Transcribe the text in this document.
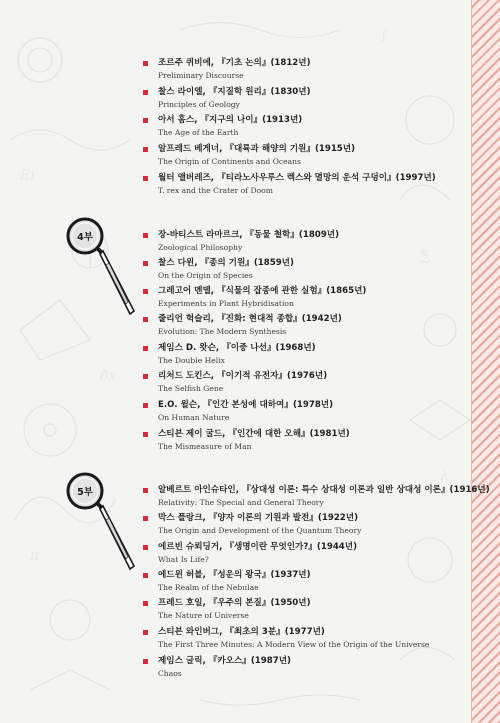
Ei
ðx
∑
π
λ
∫
조르주 퀴비에, 『기초 논의』(1812년)
Preliminary Discourse
찰스 라이엘, 『지질학 원리』(1830년)
Principles of Geology
아서 홈스, 『지구의 나이』(1913년)
The Age of the Earth
알프레드 베게너, 『대륙과 해양의 기원』(1915년)
The Origin of Continents and Oceans
월터 앨버레즈, 『티라노사우루스 렉스와 멸망의 운석 구덩이』(1997년)
T. rex and the Crater of Doom
4부	장-바티스트 라마르크, 『동물 철학』(1809년)
Zoological Philosophy
찰스 다윈, 『종의 기원』(1859년)
On the Origin of Species
그레고어 멘델, 『식물의 잡종에 관한 실험』(1865년)
Experiments in Plant Hybridisation
줄리언 헉슬리, 『진화: 현대적 종합』(1942년)
Evolution: The Modern Synthesis
제임스 D. 왓슨, 『이중 나선』(1968년)
The Double Helix
리처드 도킨스, 『이기적 유전자』(1976년)
The Selfish Gene
E.O. 윌슨, 『인간 본성에 대하여』(1978년)
On Human Nature
스티븐 제이 굴드, 『인간에 대한 오해』(1981년)
The Mismeasure of Man
5부	알베르트 아인슈타인, 『상대성 이론: 특수 상대성 이론과 일반 상대성 이론』(1916년)
Relativity: The Special and General Theory
막스 플랑크, 『양자 이론의 기원과 발전』(1922년)
The Origin and Development of the Quantum Theory
에르빈 슈뢰딩거, 『생명이란 무엇인가?』(1944년)
What Is Life?
에드윈 허블, 『성운의 왕국』(1937년)
The Realm of the Nebulae
프레드 호일, 『우주의 본질』(1950년)
The Nature of Universe
스티븐 와인버그, 『최초의 3분』(1977년)
The First Three Minutes: A Modern View of the Origin of the Universe
제임스 글릭, 『카오스』(1987년)
Chaos
